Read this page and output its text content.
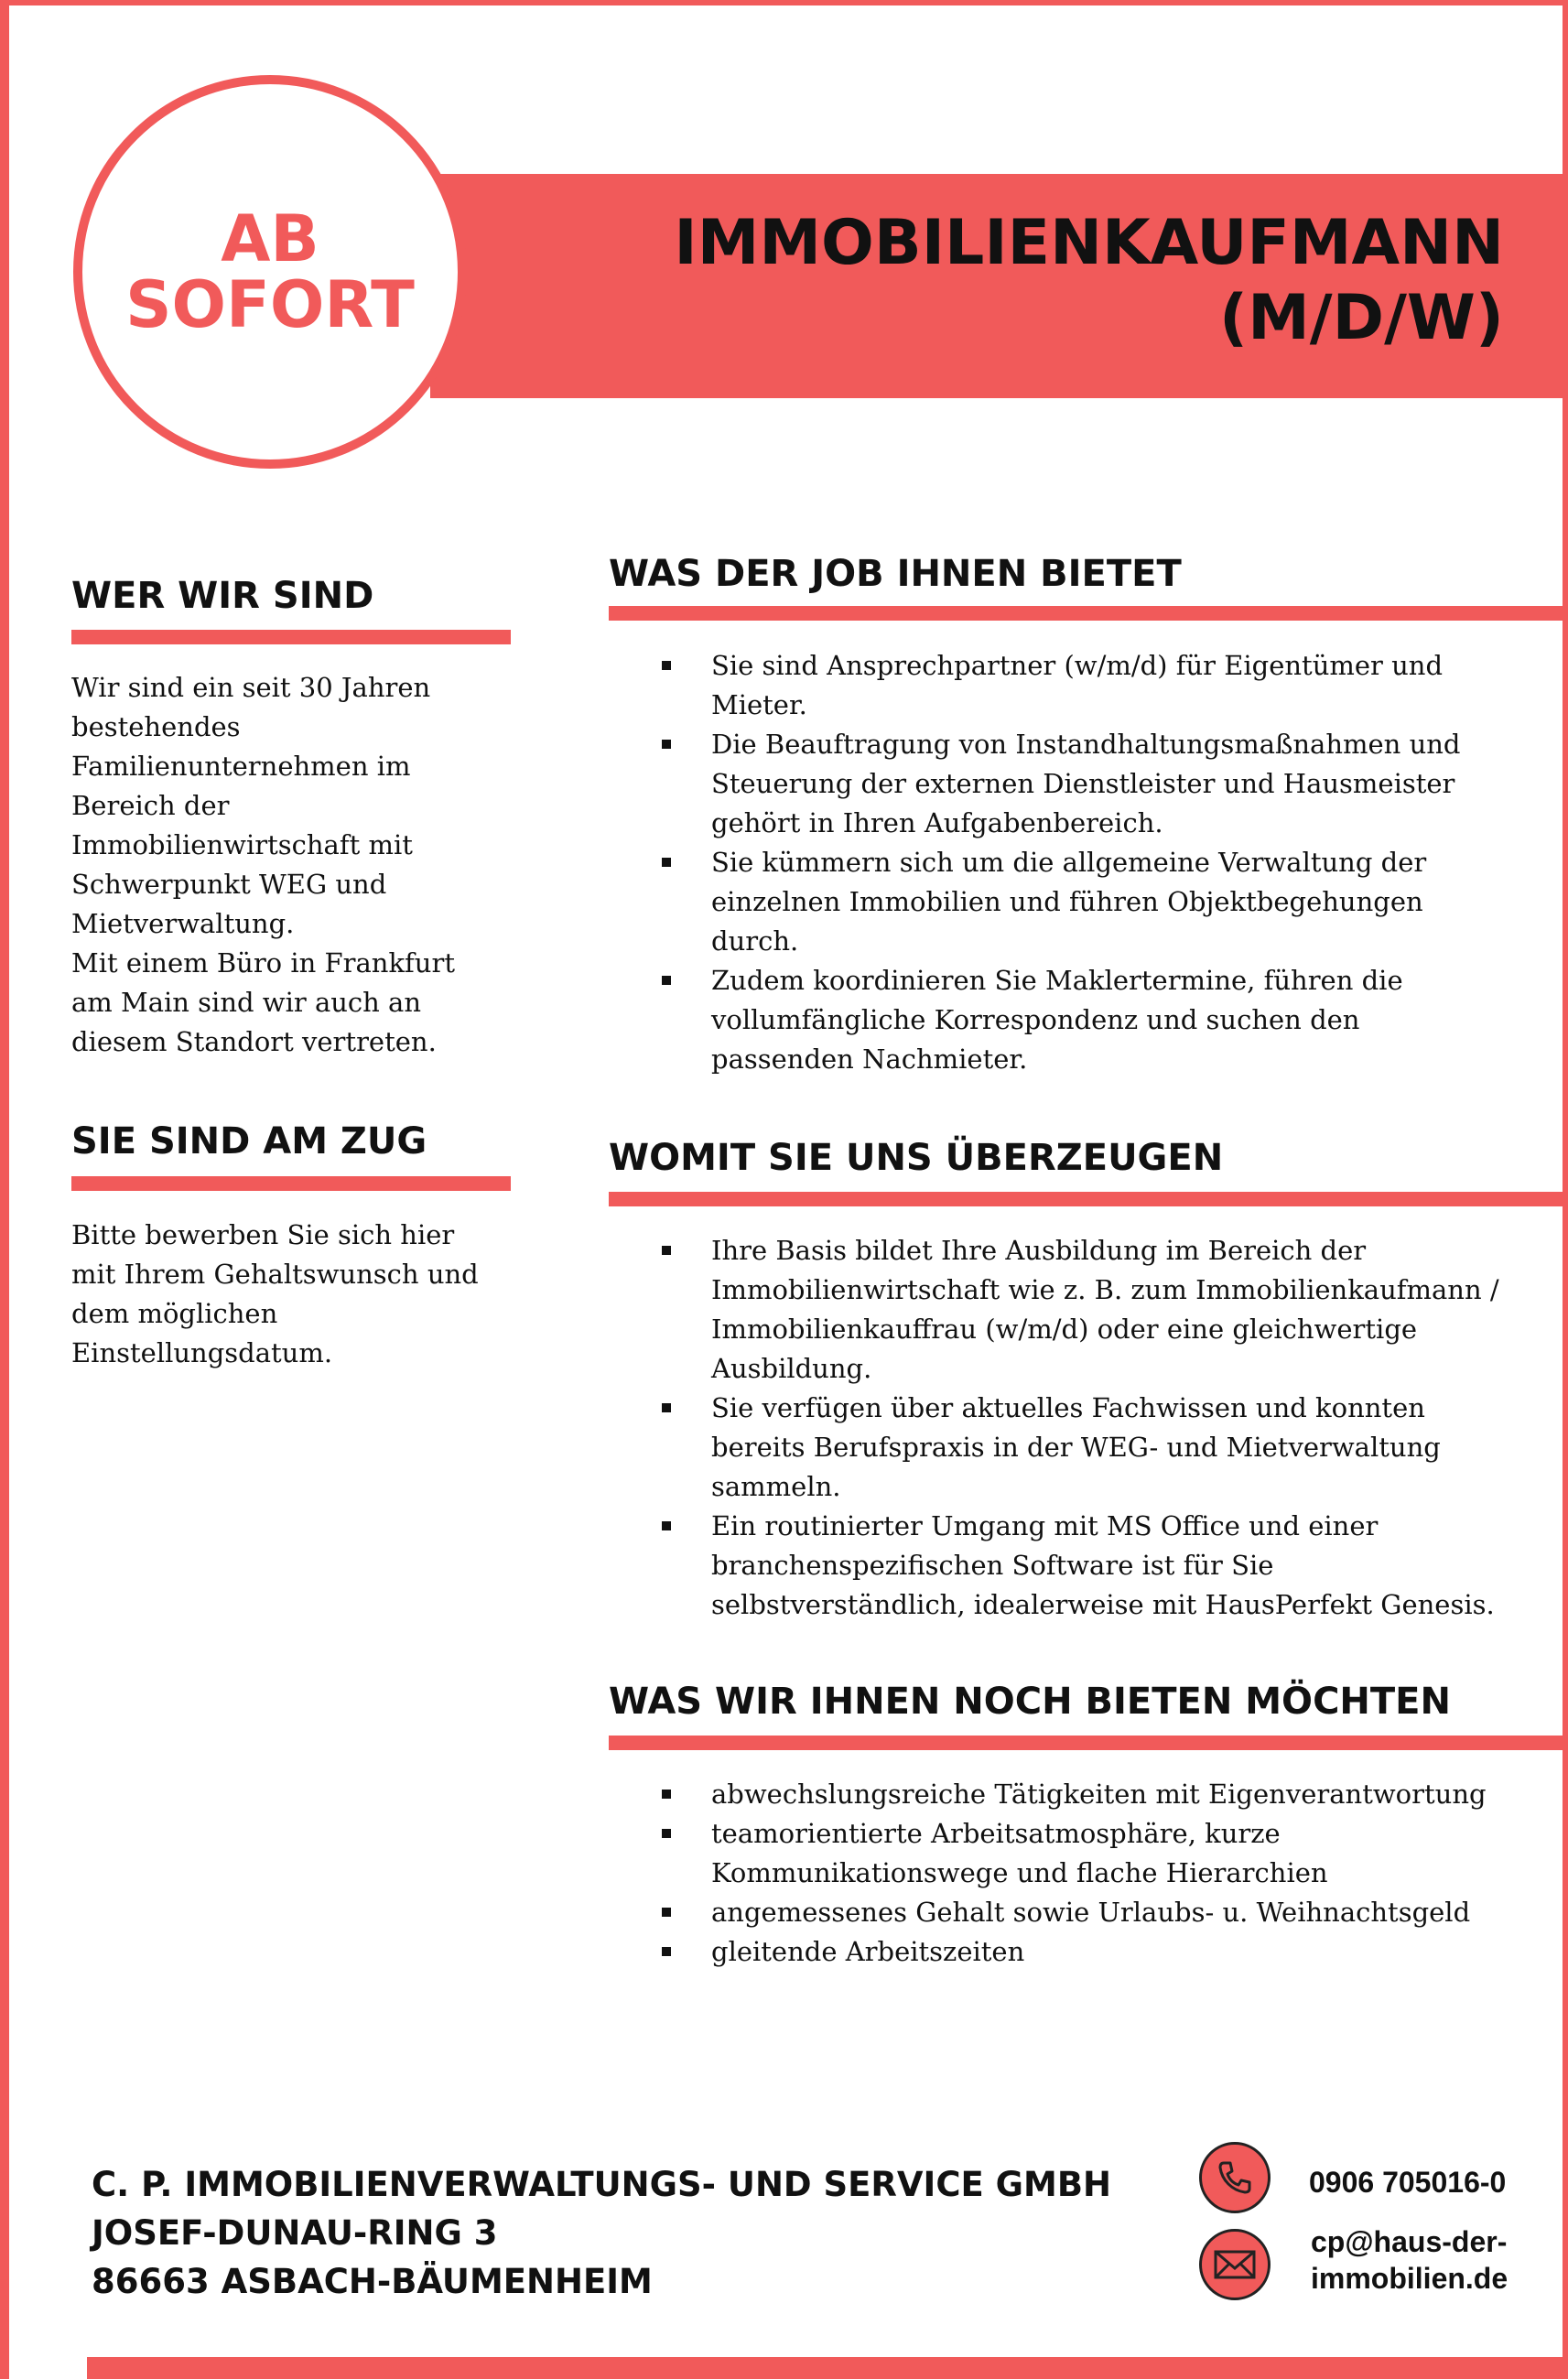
IMMOBILIENKAUFMANN
(M/D/W)
AB
SOFORT
WER WIR SIND

Wir sind ein seit 30 Jahren
bestehendes
Familienunternehmen im
Bereich der
Immobilienwirtschaft mit
Schwerpunkt WEG und
Mietverwaltung.
Mit einem Büro in Frankfurt
am Main sind wir auch an
diesem Standort vertreten.

SIE SIND AM ZUG

Bitte bewerben Sie sich hier
mit Ihrem Gehaltswunsch und
dem möglichen
Einstellungsdatum.

WAS DER JOB IHNEN BIETET
Sie sind Ansprechpartner (w/m/d) für Eigentümer und
Mieter.
Die Beauftragung von Instandhaltungsmaßnahmen und
Steuerung der externen Dienstleister und Hausmeister
gehört in Ihren Aufgabenbereich.
Sie kümmern sich um die allgemeine Verwaltung der
einzelnen Immobilien und führen Objektbegehungen
durch.
Zudem koordinieren Sie Maklertermine, führen die
vollumfängliche Korrespondenz und suchen den
passenden Nachmieter.
WOMIT SIE UNS ÜBERZEUGEN
Ihre Basis bildet Ihre Ausbildung im Bereich der
Immobilienwirtschaft wie z. B. zum Immobilienkaufmann /
Immobilienkauffrau (w/m/d) oder eine gleichwertige
Ausbildung.
Sie verfügen über aktuelles Fachwissen und konnten
bereits Berufspraxis in der WEG- und Mietverwaltung
sammeln.
Ein routinierter Umgang mit MS Office und einer
branchenspezifischen Software ist für Sie
selbstverständlich, idealerweise mit HausPerfekt Genesis.
WAS WIR IHNEN NOCH BIETEN MÖCHTEN
abwechslungsreiche Tätigkeiten mit Eigenverantwortung
teamorientierte Arbeitsatmosphäre, kurze
Kommunikationswege und flache Hierarchien
angemessenes Gehalt sowie Urlaubs- u. Weihnachtsgeld
gleitende Arbeitszeiten

C. P. IMMOBILIENVERWALTUNGS- UND SERVICE GMBH
JOSEF-DUNAU-RING 3
86663 ASBACH-BÄUMENHEIM

0906 705016-0
cp@haus-der-
immobilien.de
